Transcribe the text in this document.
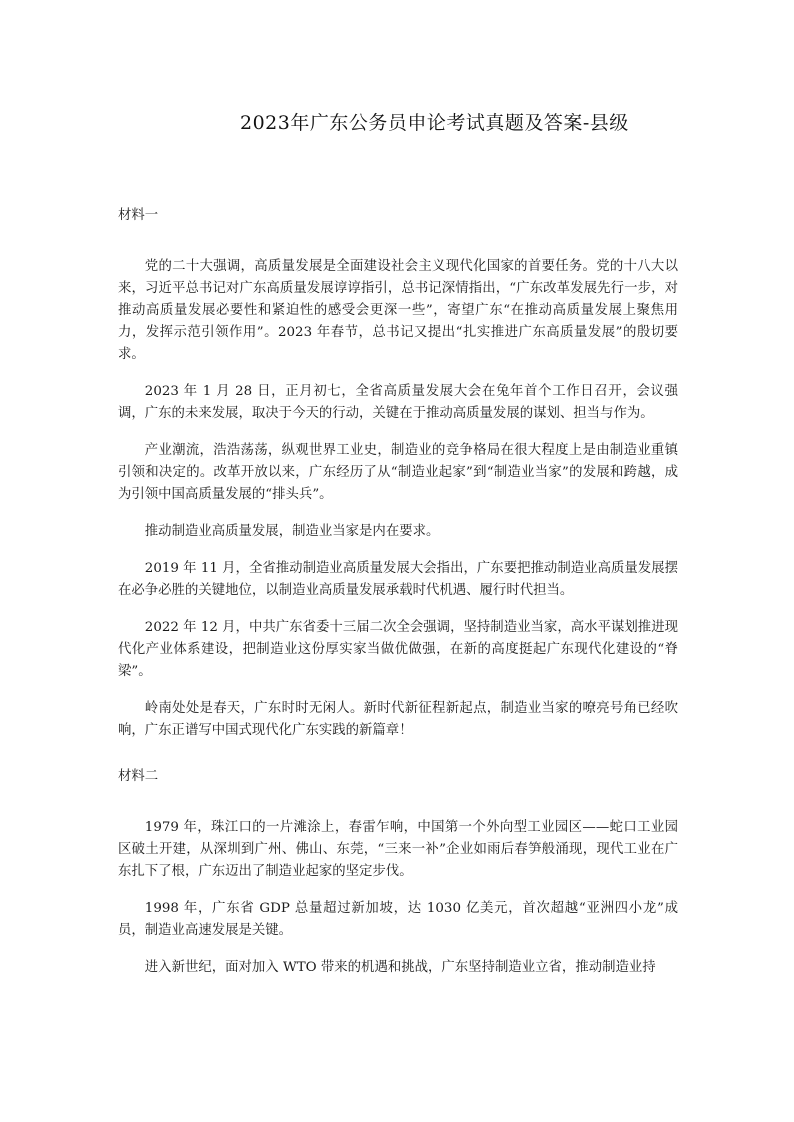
2023年广东公务员申论考试真题及答案-县级
材料一

党的二十大强调，高质量发展是全面建设社会主义现代化国家的首要任务。党的十八大以来，习近平总书记对广东高质量发展谆谆指引，总书记深情指出，“广东改革发展先行一步，对推动高质量发展必要性和紧迫性的感受会更深一些”，寄望广东“在推动高质量发展上聚焦用力，发挥示范引领作用”。2023 年春节，总书记又提出“扎实推进广东高质量发展”的殷切要求。

2023 年 1 月 28 日，正月初七，全省高质量发展大会在兔年首个工作日召开，会议强调，广东的未来发展，取决于今天的行动，关键在于推动高质量发展的谋划、担当与作为。

产业潮流，浩浩荡荡，纵观世界工业史，制造业的竞争格局在很大程度上是由制造业重镇引领和决定的。改革开放以来，广东经历了从“制造业起家”到“制造业当家”的发展和跨越，成为引领中国高质量发展的“排头兵”。

推动制造业高质量发展，制造业当家是内在要求。

2019 年 11 月，全省推动制造业高质量发展大会指出，广东要把推动制造业高质量发展摆在必争必胜的关键地位，以制造业高质量发展承载时代机遇、履行时代担当。

2022 年 12 月，中共广东省委十三届二次全会强调，坚持制造业当家，高水平谋划推进现代化产业体系建设，把制造业这份厚实家当做优做强，在新的高度挺起广东现代化建设的“脊梁”。

岭南处处是春天，广东时时无闲人。新时代新征程新起点，制造业当家的嘹亮号角已经吹响，广东正谱写中国式现代化广东实践的新篇章！

材料二

1979 年，珠江口的一片滩涂上，春雷乍响，中国第一个外向型工业园区——蛇口工业园区破土开建，从深圳到广州、佛山、东莞，“三来一补”企业如雨后春笋般涌现，现代工业在广东扎下了根，广东迈出了制造业起家的坚定步伐。

1998 年，广东省 GDP 总量超过新加坡，达 1030 亿美元，首次超越“亚洲四小龙”成员，制造业高速发展是关键。

进入新世纪，面对加入 WTO 带来的机遇和挑战，广东坚持制造业立省，推动制造业持
